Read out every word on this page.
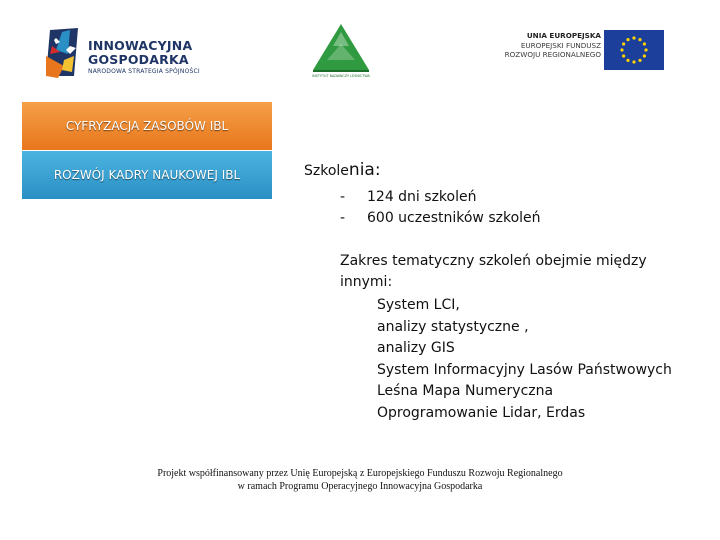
INNOWACYJNA
GOSPODARKA
NARODOWA STRATEGIA SPÓJNOŚCI
INSTYTUT BADAWCZY LEŚNICTWA
UNIA EUROPEJSKA
EUROPEJSKI FUNDUSZ
ROZWOJU REGIONALNEGO
CYFRYZACJA ZASOBÓW IBL
ROZWÓJ KADRY NAUKOWEJ IBL	Szkolenia:
- 124 dni szkoleń
- 600 uczestników szkoleń
Zakres tematyczny szkoleń obejmie między innymi:
System LCI,
analizy statystyczne ,
analizy GIS
System Informacyjny Lasów Państwowych
Leśna Mapa Numeryczna
Oprogramowanie Lidar, Erdas
Projekt współfinansowany przez Unię Europejską z Europejskiego Funduszu Rozwoju Regionalnego
w ramach Programu Operacyjnego Innowacyjna Gospodarka
